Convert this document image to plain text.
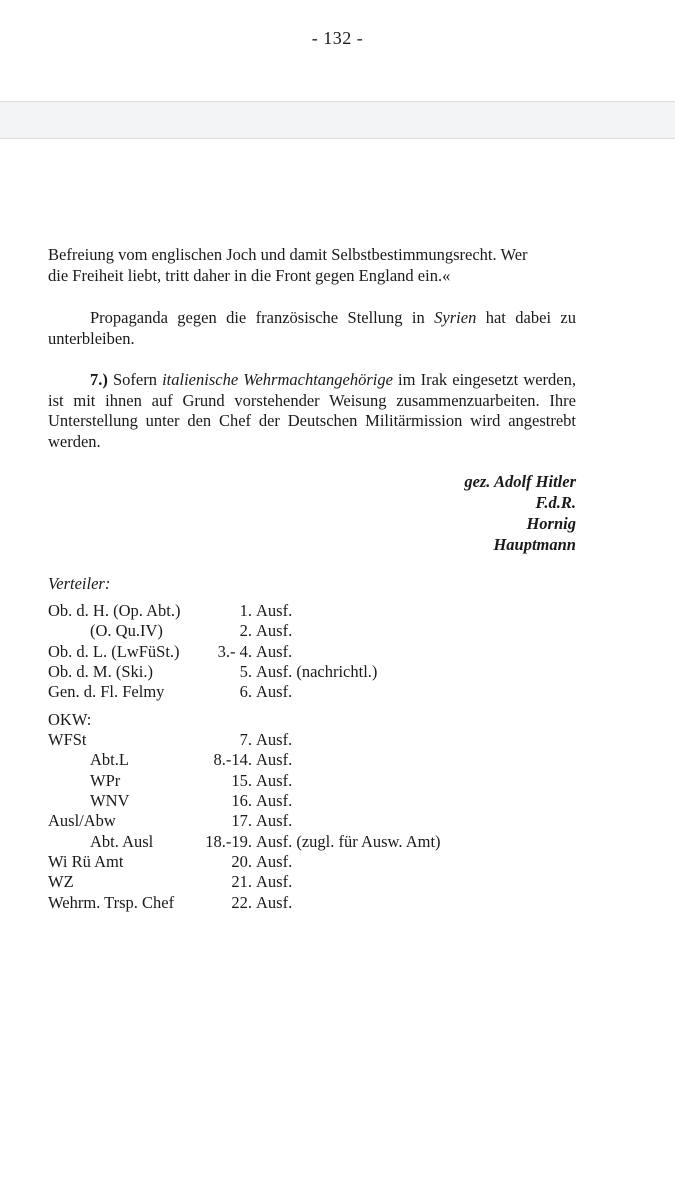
- 132 -

Befreiung vom englischen Joch und damit Selbstbestimmungsrecht. Wer
die Freiheit liebt, tritt daher in die Front gegen England ein.«

Propaganda gegen die französische Stellung in Syrien hat dabei zu unterbleiben.

7.) Sofern italienische Wehrmachtangehörige im Irak eingesetzt werden, ist mit ihnen auf Grund vorstehender Weisung zusammenzuarbeiten. Ihre Unterstellung unter den Chef der Deutschen Militärmission wird angestrebt werden.

gez. Adolf Hitler
F.d.R.
Hornig
Hauptmann
Verteiler:
Ob. d. H. (Op. Abt.)	1. Ausf.
(O. Qu.IV)	2. Ausf.
Ob. d. L. (LwFüSt.)	3.- 4. Ausf.
Ob. d. M. (Ski.)	5. Ausf. (nachrichtl.)
Gen. d. Fl. Felmy	6. Ausf.
OKW:
WFSt	7. Ausf.
Abt.L	8.-14. Ausf.
WPr	15. Ausf.
WNV	16. Ausf.
Ausl/Abw	17. Ausf.
Abt. Ausl	18.-19. Ausf. (zugl. für Ausw. Amt)
Wi Rü Amt	20. Ausf.
WZ	21. Ausf.
Wehrm. Trsp. Chef	22. Ausf.
